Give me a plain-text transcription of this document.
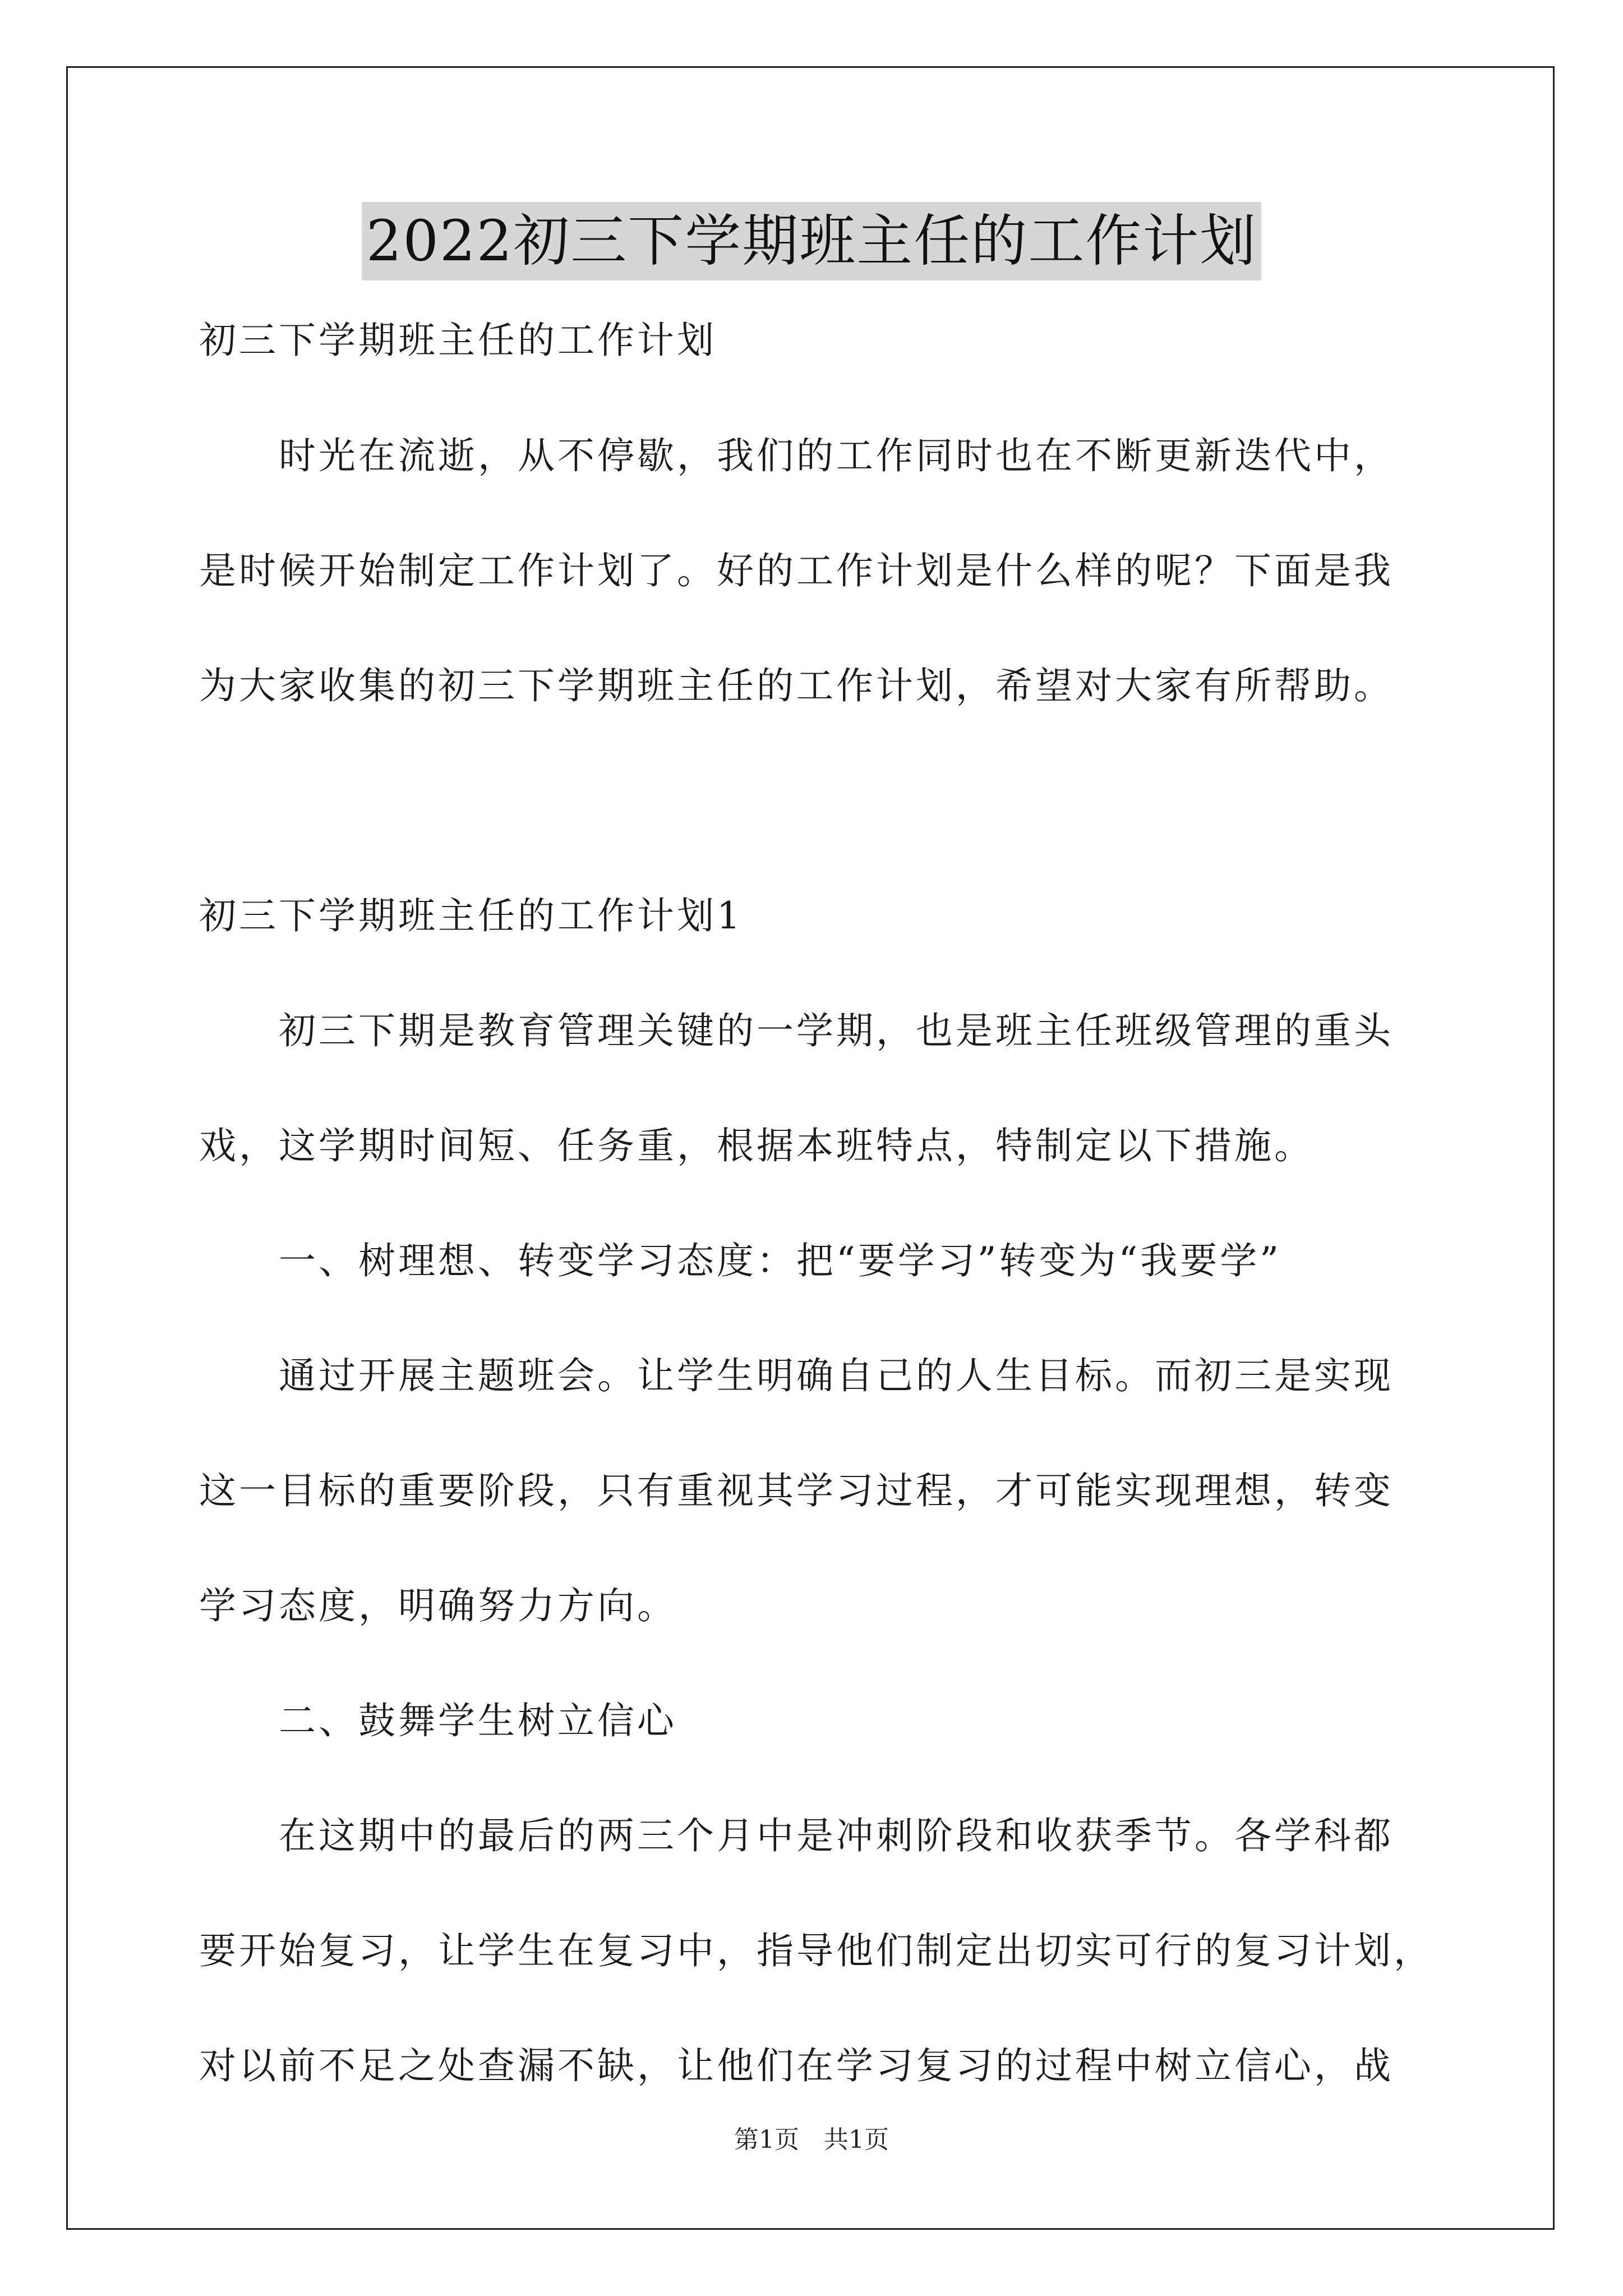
2022初三下学期班主任的工作计划
初三下学期班主任的工作计划
　　时光在流逝，从不停歇，我们的工作同时也在不断更新迭代中，
是时候开始制定工作计划了。好的工作计划是什么样的呢？下面是我
为大家收集的初三下学期班主任的工作计划，希望对大家有所帮助。
初三下学期班主任的工作计划1
　　初三下期是教育管理关键的一学期，也是班主任班级管理的重头
戏，这学期时间短、任务重，根据本班特点，特制定以下措施。
　　一、树理想、转变学习态度：把“要学习”转变为“我要学”
　　通过开展主题班会。让学生明确自己的人生目标。而初三是实现
这一目标的重要阶段，只有重视其学习过程，才可能实现理想，转变
学习态度，明确努力方向。
　　二、鼓舞学生树立信心
　　在这期中的最后的两三个月中是冲刺阶段和收获季节。各学科都
要开始复习，让学生在复习中，指导他们制定出切实可行的复习计划，
对以前不足之处查漏不缺，让他们在学习复习的过程中树立信心，战
第1页　共1页
